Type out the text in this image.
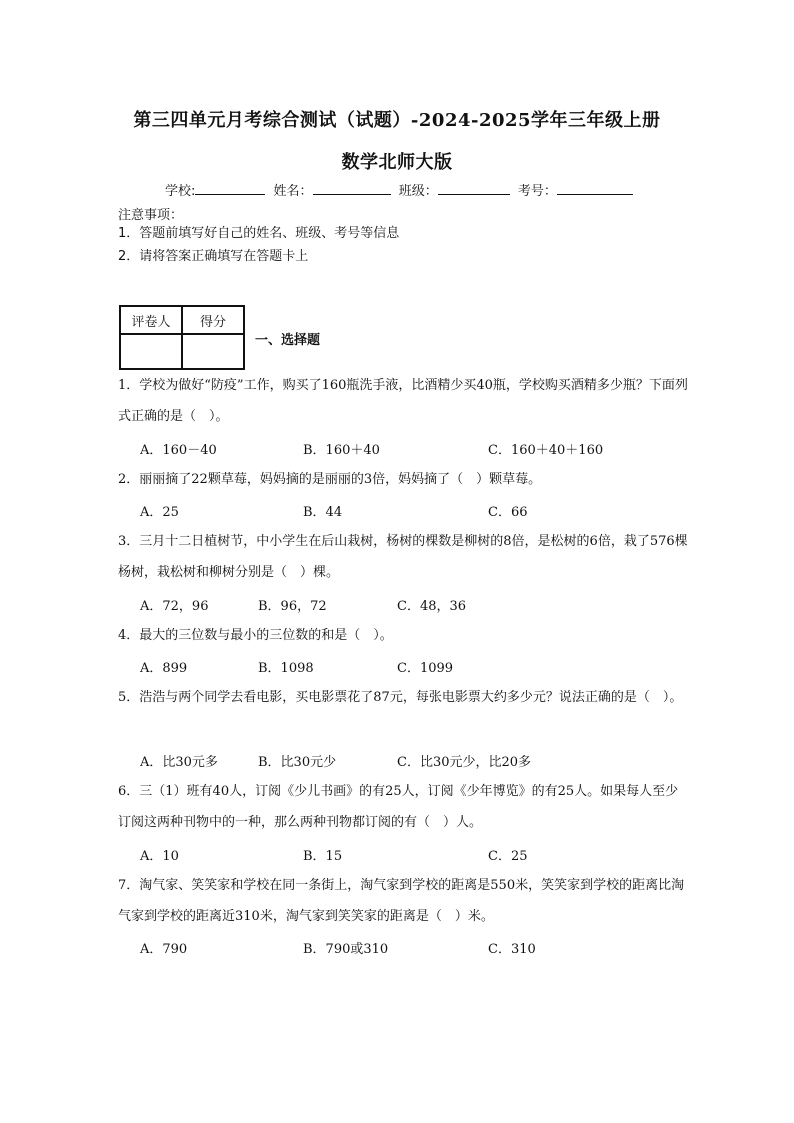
第三四单元月考综合测试（试题）-2024-2025学年三年级上册
数学北师大版
学校:	姓名：	班级：	考号：
注意事项：
1．答题前填写好自己的姓名、班级、考号等信息
2．请将答案正确填写在答题卡上
评卷人	得分

一、选择题
1．学校为做好“防疫”工作，购买了160瓶洗手液，比酒精少买40瓶，学校购买酒精多少瓶？下面列式正确的是（　）。
A．160－40	B．160＋40	C．160＋40＋160
2．丽丽摘了22颗草莓，妈妈摘的是丽丽的3倍，妈妈摘了（　）颗草莓。
A．25	B．44	C．66
3．三月十二日植树节，中小学生在后山栽树，杨树的棵数是柳树的8倍，是松树的6倍，栽了576棵杨树，栽松树和柳树分别是（　）棵。
A．72，96	B．96，72	C．48，36
4．最大的三位数与最小的三位数的和是（　）。
A．899	B．1098	C．1099
5．浩浩与两个同学去看电影，买电影票花了87元，每张电影票大约多少元？说法正确的是（　）。
A．比30元多	B．比30元少	C．比30元少，比20多
6．三（1）班有40人，订阅《少儿书画》的有25人，订阅《少年博览》的有25人。如果每人至少订阅这两种刊物中的一种，那么两种刊物都订阅的有（　）人。
A．10	B．15	C．25
7．淘气家、笑笑家和学校在同一条街上，淘气家到学校的距离是550米，笑笑家到学校的距离比淘气家到学校的距离近310米，淘气家到笑笑家的距离是（　）米。
A．790	B．790或310	C．310
